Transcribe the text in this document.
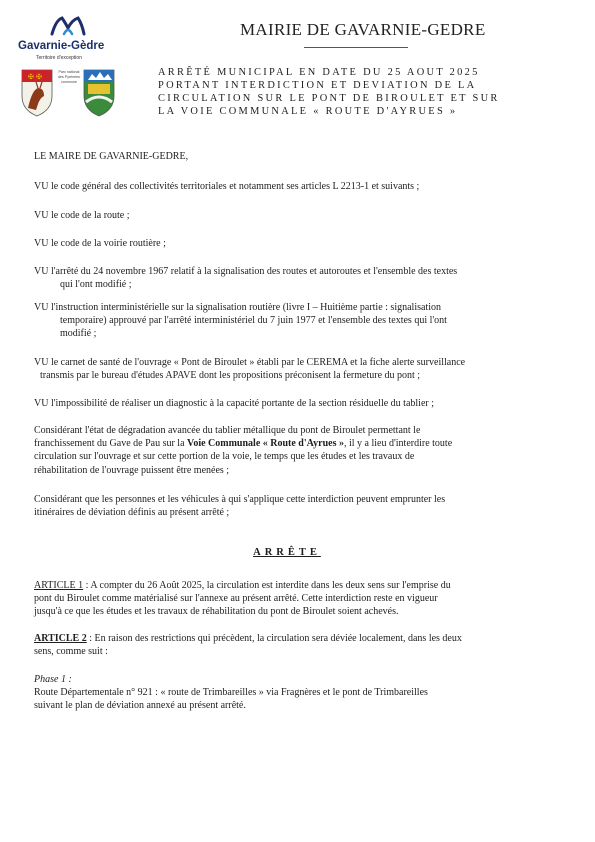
Gavarnie-Gèdre
Territoire d'exception
✠ ✠
Parc national des Pyrénées commune
MAIRIE DE GAVARNIE-GEDRE
ARRÊTÉ MUNICIPAL EN DATE DU 25 AOUT 2025
PORTANT INTERDICTION ET DEVIATION DE LA
CIRCULATION SUR LE PONT DE BIROULET ET SUR
LA VOIE COMMUNALE « ROUTE D'AYRUES »
LE MAIRE DE GAVARNIE-GEDRE,
VU le code général des collectivités territoriales et notamment ses articles L 2213-1 et suivants ;
VU le code de la route ;
VU le code de la voirie routière ;
VU l'arrêté du 24 novembre 1967 relatif à la signalisation des routes et autoroutes et l'ensemble des textes
qui l'ont modifié ;
VU l'instruction interministérielle sur la signalisation routière (livre I – Huitième partie : signalisation
temporaire) approuvé par l'arrêté interministériel du 7 juin 1977 et l'ensemble des textes qui l'ont
modifié ;
VU le carnet de santé de l'ouvrage « Pont de Biroulet » établi par le CEREMA et la fiche alerte surveillance
transmis par le bureau d'études APAVE dont les propositions préconisent la fermeture du pont ;
VU l'impossibilité de réaliser un diagnostic à la capacité portante de la section résiduelle du tablier ;
Considérant l'état de dégradation avancée du tablier métallique du pont de Biroulet permettant le
franchissement du Gave de Pau sur la Voie Communale « Route d'Ayrues », il y a lieu d'interdire toute
circulation sur l'ouvrage et sur cette portion de la voie, le temps que les études et les travaux de
réhabilitation de l'ouvrage puissent être menées ;
Considérant que les personnes et les véhicules à qui s'applique cette interdiction peuvent emprunter les
itinéraires de déviation définis au présent arrêté ;
ARRÊTE
ARTICLE 1 : A compter du 26 Août 2025, la circulation est interdite dans les deux sens sur l'emprise du
pont du Biroulet comme matérialisé sur l'annexe au présent arrêté. Cette interdiction reste en vigueur
jusqu'à ce que les études et les travaux de réhabilitation du pont de Biroulet soient achevés.
ARTICLE 2 : En raison des restrictions qui précèdent, la circulation sera déviée localement, dans les deux
sens, comme suit :
Phase 1 :
Route Départementale n° 921 : « route de Trimbareilles » via Fragnères et le pont de Trimbareilles
suivant le plan de déviation annexé au présent arrêté.
